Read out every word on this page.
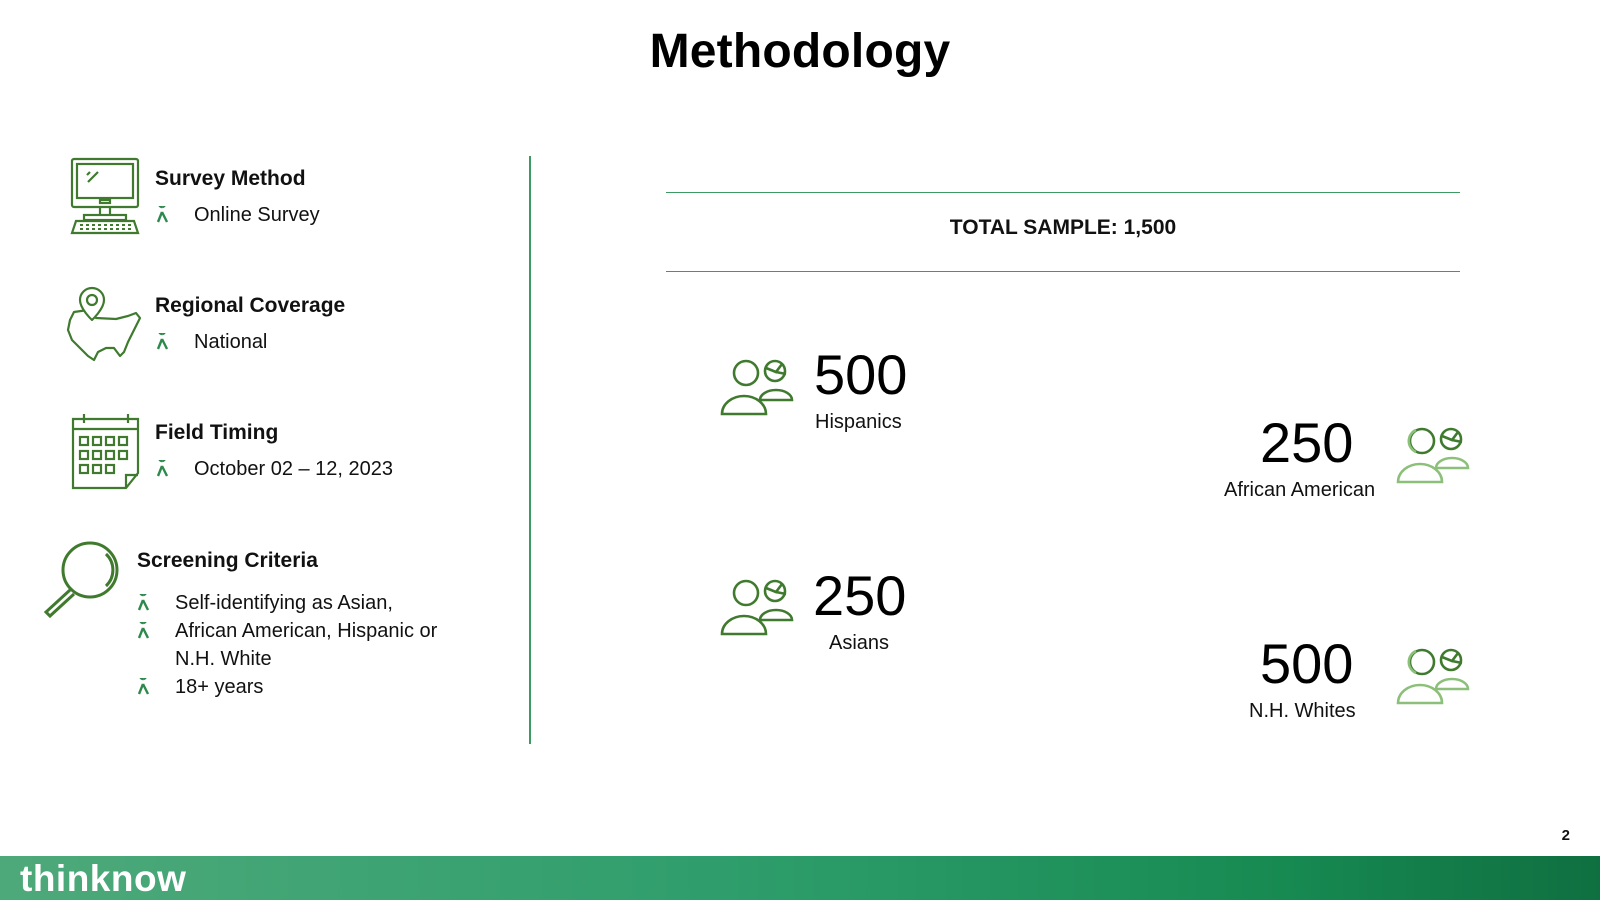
Methodology
Survey Method
Online Survey
Regional Coverage
National
Field Timing
October 02 – 12, 2023
Screening Criteria
Self-identifying as Asian,
African American, Hispanic or
N.H. White
18+ years
TOTAL SAMPLE: 1,500
500
Hispanics	250
African American
250
Asians	500
N.H. Whites
2
thinknow
